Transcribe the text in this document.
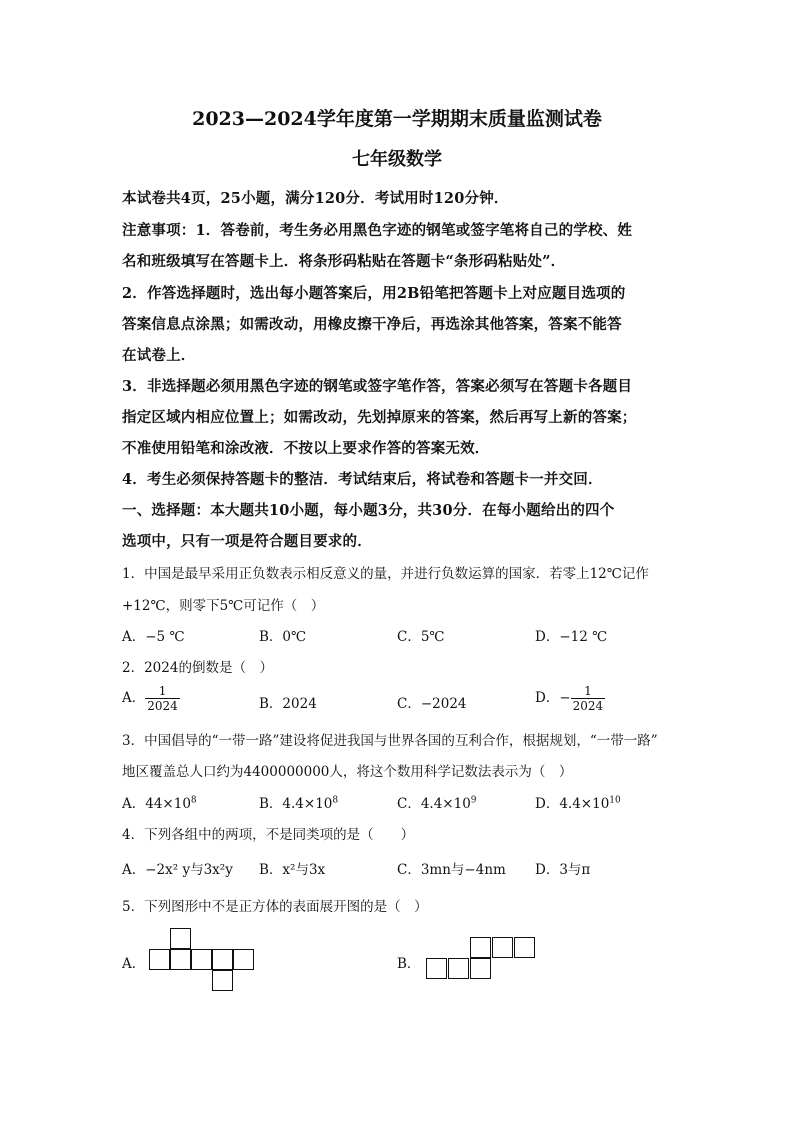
2023—2024学年度第一学期期末质量监测试卷
七年级数学
本试卷共4页，25小题，满分120分．考试用时120分钟．
注意事项：1．答卷前，考生务必用黑色字迹的钢笔或签字笔将自己的学校、姓
名和班级填写在答题卡上．将条形码粘贴在答题卡“条形码粘贴处”．
2．作答选择题时，选出每小题答案后，用2B铅笔把答题卡上对应题目选项的
答案信息点涂黑；如需改动，用橡皮擦干净后，再选涂其他答案，答案不能答
在试卷上．
3．非选择题必须用黑色字迹的钢笔或签字笔作答，答案必须写在答题卡各题目
指定区域内相应位置上；如需改动，先划掉原来的答案，然后再写上新的答案；
不准使用铅笔和涂改液．不按以上要求作答的答案无效．
4．考生必须保持答题卡的整洁．考试结束后，将试卷和答题卡一并交回．
一、选择题：本大题共10小题，每小题3分，共30分．在每小题给出的四个
选项中，只有一项是符合题目要求的．
1．中国是最早采用正负数表示相反意义的量，并进行负数运算的国家．若零上12℃记作
+12℃，则零下5℃可记作（　）
A．−5 ℃	B．0℃	C．5℃	D．−12 ℃
2．2024的倒数是（　）
A． $\frac{1}{2024}$	B．2024	C．−2024	D．− $\frac{1}{2024}$
3．中国倡导的“一带一路”建设将促进我国与世界各国的互利合作，根据规划，“一带一路”
地区覆盖总人口约为4400000000人，将这个数用科学记数法表示为（　）
A．$44\times 10^8$	B．$4.4\times 10^8$	C．$4.4\times 10^9$	D．$4.4\times 10^{10}$
4．下列各组中的两项，不是同类项的是（　　）
A．−2x² y与3x²y B．x²与3x	C．3mn与−4nm D．3与π
5．下列图形中不是正方体的表面展开图的是（　）
A．	B．
